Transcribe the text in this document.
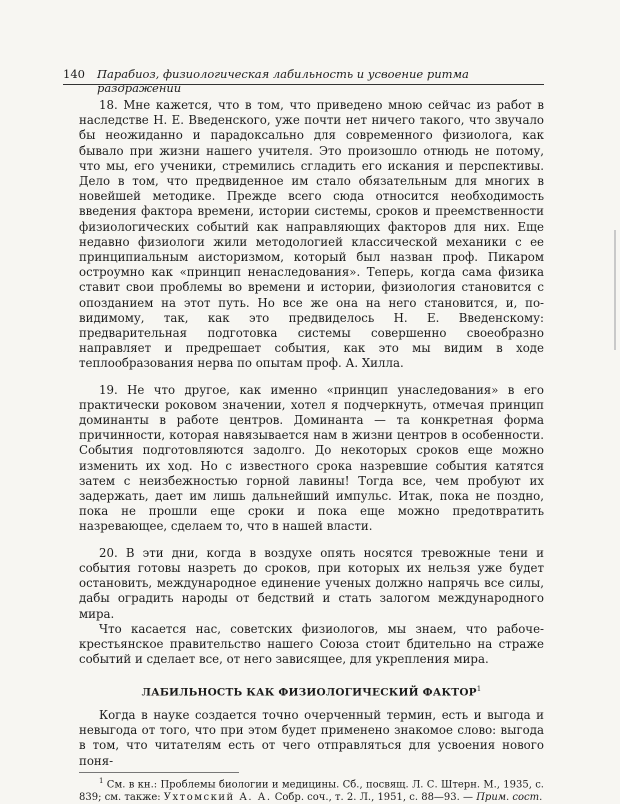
140 Парабиоз, физиологическая лабильность и усвоение ритма раздражений

18. Мне кажется, что в том, что приведено мною сейчас из работ в наследстве Н. Е. Введенского, уже почти нет ничего такого, что звучало бы неожиданно и парадоксально для современного физиолога, как бывало при жизни нашего учителя. Это произошло отнюдь не потому, что мы, его ученики, стремились сгладить его искания и перспективы. Дело в том, что предвиденное им стало обязательным для многих в новейшей методике. Прежде всего сюда относится необходимость введения фактора времени, истории системы, сроков и преемственности физиологических событий как направляющих факторов для них. Еще недавно физиологи жили методологией классической механики с ее принципиальным аисторизмом, который был назван проф. Пикаром остроумно как «принцип ненаследования». Теперь, когда сама физика ставит свои проблемы во времени и истории, физиология становится с опозданием на этот путь. Но все же она на него становится, и, по-видимому, так, как это предвиделось Н. Е. Введенскому: предварительная подготовка системы совершенно своеобразно направляет и предрешает события, как это мы видим в ходе теплообразования нерва по опытам проф. А. Хилла.

19. Не что другое, как именно «принцип унаследования» в его практически роковом значении, хотел я подчеркнуть, отмечая принцип доминанты в работе центров. Доминанта — та конкретная форма причинности, которая навязывается нам в жизни центров в особенности. События подготовляются задолго. До некоторых сроков еще можно изменить их ход. Но с известного срока назревшие события катятся затем с неизбежностью горной лавины! Тогда все, чем пробуют их задержать, дает им лишь дальнейший импульс. Итак, пока не поздно, пока не прошли еще сроки и пока еще можно предотвратить назревающее, сделаем то, что в нашей власти.

20. В эти дни, когда в воздухе опять носятся тревожные тени и события готовы назреть до сроков, при которых их нельзя уже будет остановить, международное единение ученых должно напрячь все силы, дабы оградить народы от бедствий и стать залогом международного мира.

Что касается нас, советских физиологов, мы знаем, что рабоче-крестьянское правительство нашего Союза стоит бдительно на страже событий и сделает все, от него зависящее, для укрепления мира.

ЛАБИЛЬНОСТЬ КАК ФИЗИОЛОГИЧЕСКИЙ ФАКТОР$^1$

Когда в науке создается точно очерченный термин, есть и выгода и невыгода от того, что при этом будет применено знакомое слово: выгода в том, что читателям есть от чего отправляться для усвоения нового поня-

$^1$ См. в кн.: Проблемы биологии и медицины. Сб., посвящ. Л. С. Штерн. М., 1935, с. 839; см. также: Ухтомский А. А. Собр. соч., т. 2. Л., 1951, с. 88—93. — Прим. сост.
